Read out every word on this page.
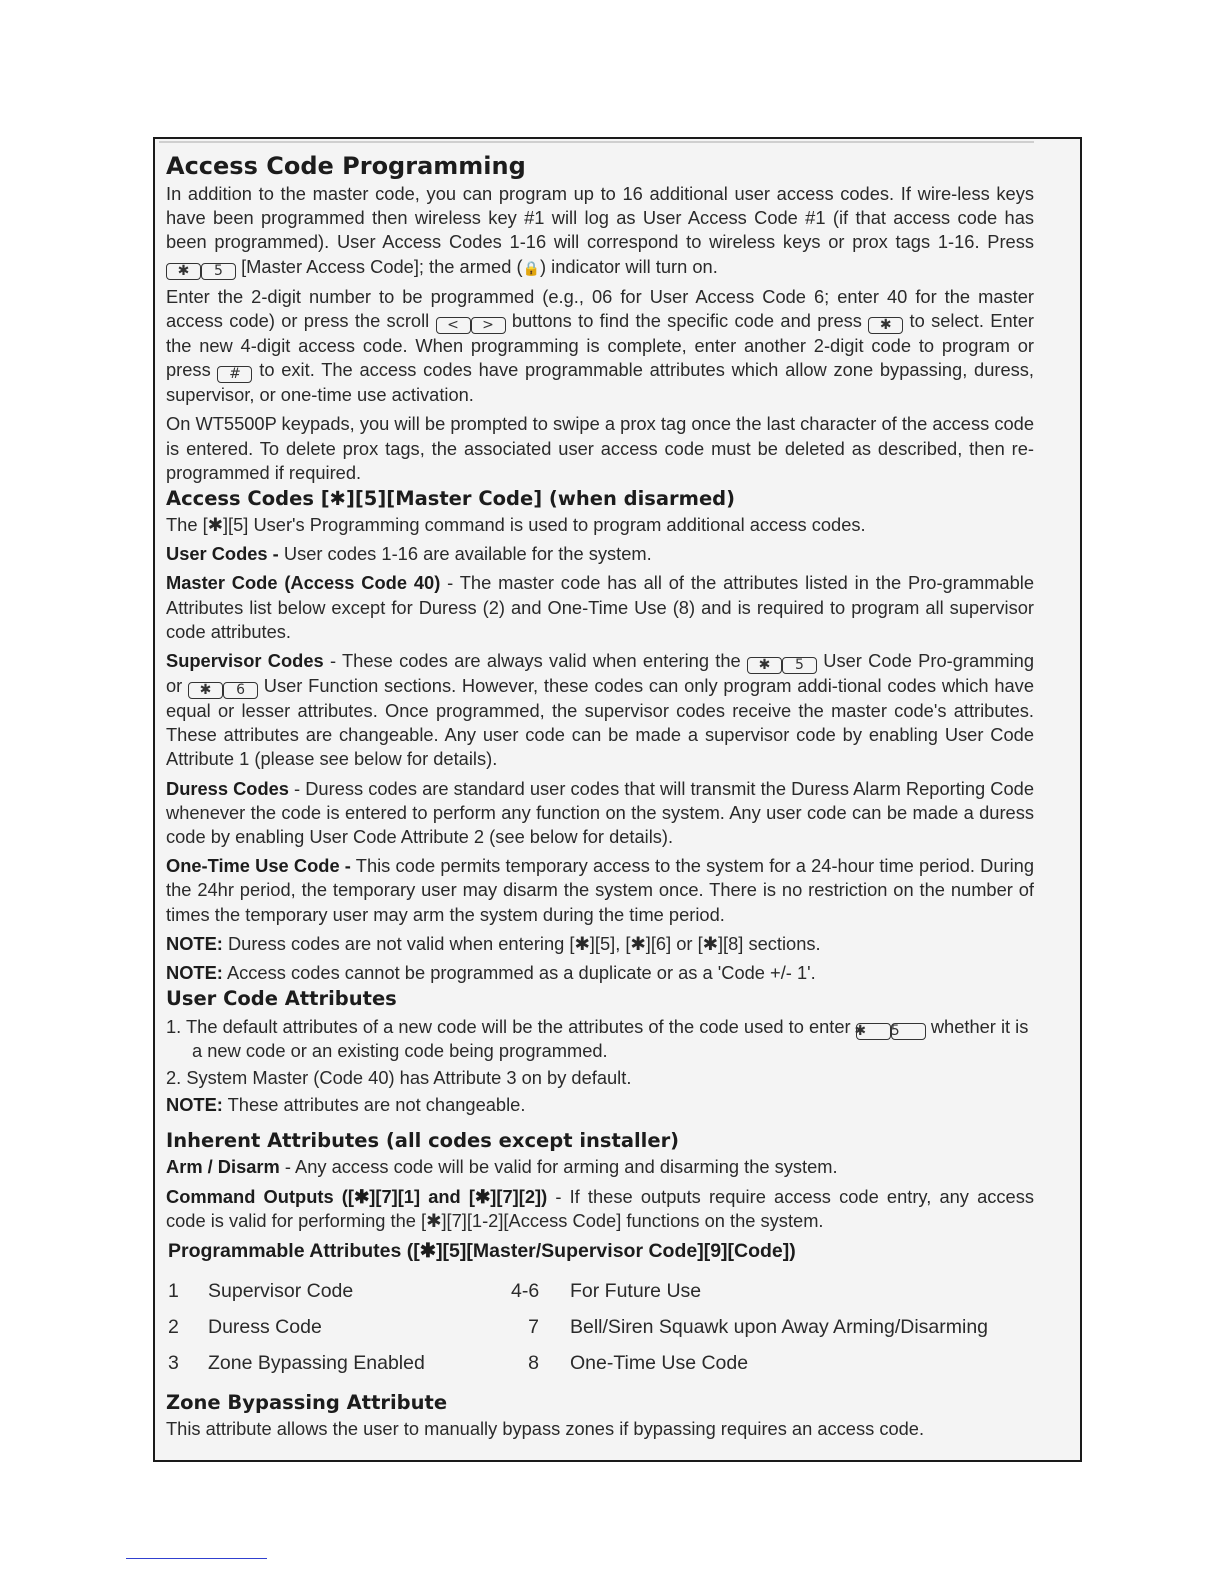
Access Code Programming

In addition to the master code, you can program up to 16 additional user access codes. If wire-less keys have been programmed then wireless key #1 will log as User Access Code #1 (if that access code has been programmed). User Access Codes 1-16 will correspond to wireless keys or prox tags 1-16. Press ✱ 5 [Master Access Code]; the armed (🔒) indicator will turn on.

Enter the 2-digit number to be programmed (e.g., 06 for User Access Code 6; enter 40 for the master access code) or press the scroll < > buttons to find the specific code and press ✱ to select. Enter the new 4-digit access code. When programming is complete, enter another 2-digit code to program or press # to exit. The access codes have programmable attributes which allow zone bypassing, duress, supervisor, or one-time use activation.

On WT5500P keypads, you will be prompted to swipe a prox tag once the last character of the access code is entered. To delete prox tags, the associated user access code must be deleted as described, then re-programmed if required.

Access Codes [✱][5][Master Code] (when disarmed)

The [✱][5] User's Programming command is used to program additional access codes.

User Codes - User codes 1-16 are available for the system.

Master Code (Access Code 40) - The master code has all of the attributes listed in the Pro-grammable Attributes list below except for Duress (2) and One-Time Use (8) and is required to program all supervisor code attributes.

Supervisor Codes - These codes are always valid when entering the ✱ 5 User Code Pro-gramming or ✱ 6 User Function sections. However, these codes can only program addi-tional codes which have equal or lesser attributes. Once programmed, the supervisor codes receive the master code's attributes. These attributes are changeable. Any user code can be made a supervisor code by enabling User Code Attribute 1 (please see below for details).

Duress Codes - Duress codes are standard user codes that will transmit the Duress Alarm Reporting Code whenever the code is entered to perform any function on the system. Any user code can be made a duress code by enabling User Code Attribute 2 (see below for details).

One-Time Use Code - This code permits temporary access to the system for a 24-hour time period. During the 24hr period, the temporary user may disarm the system once. There is no restriction on the number of times the temporary user may arm the system during the time period.

NOTE: Duress codes are not valid when entering [✱][5], [✱][6] or [✱][8] sections.

NOTE: Access codes cannot be programmed as a duplicate or as a 'Code +/- 1'.

User Code Attributes
1. The default attributes of a new code will be the attributes of the code used to enter ✱ 5 whether it is a new code or an existing code being programmed.
2. System Master (Code 40) has Attribute 3 on by default.

NOTE: These attributes are not changeable.

Inherent Attributes (all codes except installer)

Arm / Disarm - Any access code will be valid for arming and disarming the system.

Command Outputs ([✱][7][1] and [✱][7][2]) - If these outputs require access code entry, any access code is valid for performing the [✱][7][1-2][Access Code] functions on the system.

Programmable Attributes ([✱][5][Master/Supervisor Code][9][Code])
1	Supervisor Code	4-6	For Future Use
2	Duress Code	7	Bell/Siren Squawk upon Away Arming/Disarming
3	Zone Bypassing Enabled	8	One-Time Use Code
Zone Bypassing Attribute

This attribute allows the user to manually bypass zones if bypassing requires an access code.
